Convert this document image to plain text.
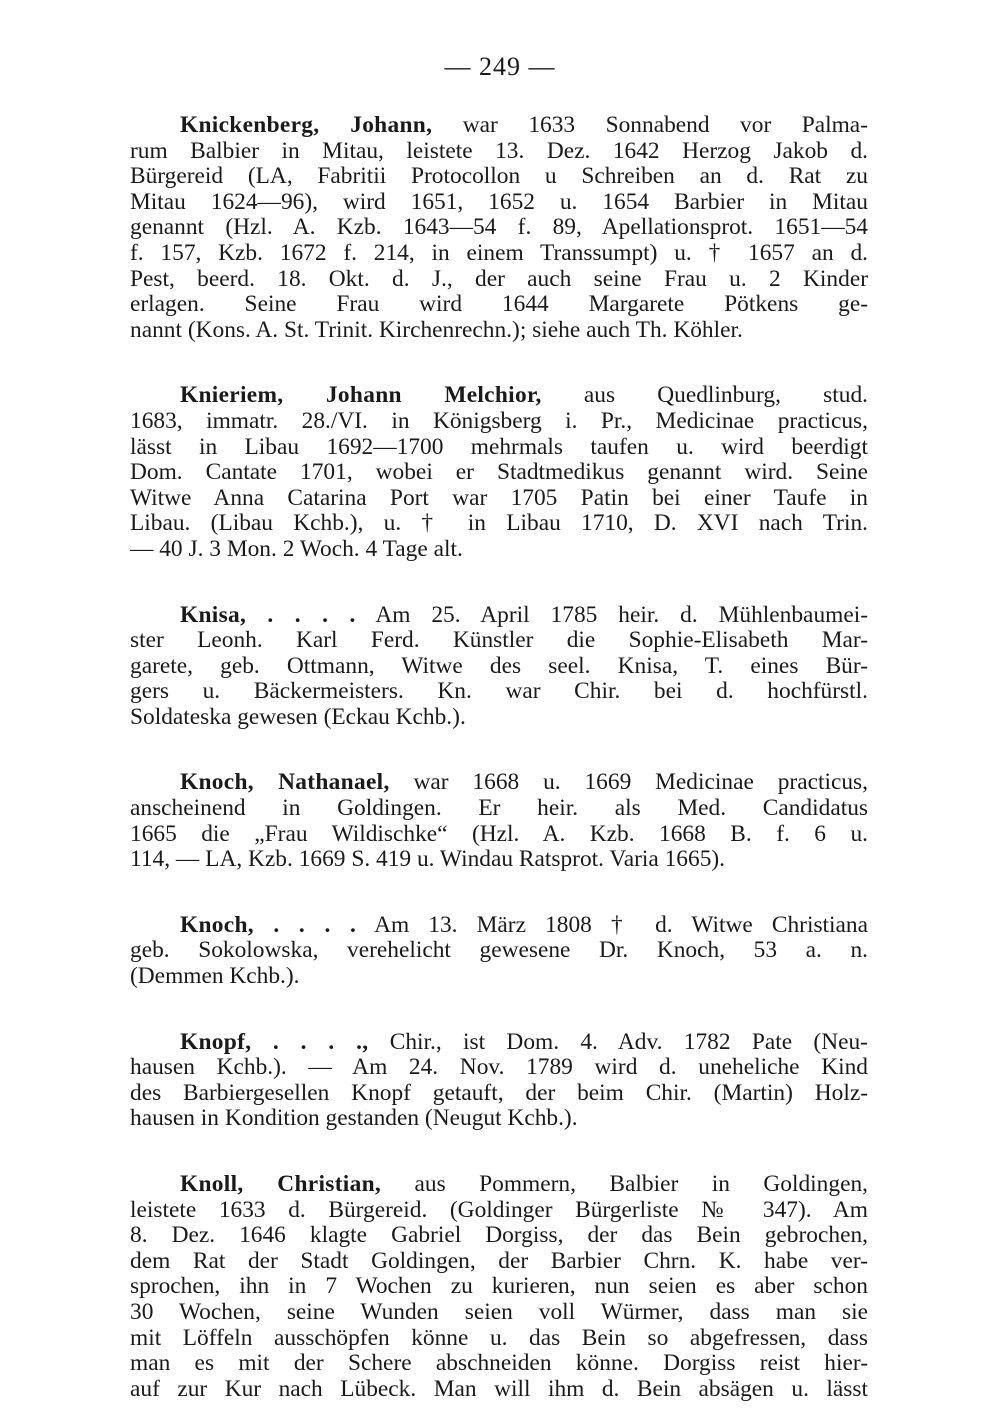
— 249 —
Knickenberg, Johann, war 1633 Sonnabend vor Palma-
rum Balbier in Mitau, leistete 13. Dez. 1642 Herzog Jakob d.
Bürgereid (LA, Fabritii Protocollon u Schreiben an d. Rat zu
Mitau 1624—96), wird 1651, 1652 u. 1654 Barbier in Mitau
genannt (Hzl. A. Kzb. 1643—54 f. 89, Apellationsprot. 1651—54
f. 157, Kzb. 1672 f. 214, in einem Transsumpt) u. † 1657 an d.
Pest, beerd. 18. Okt. d. J., der auch seine Frau u. 2 Kinder
erlagen. Seine Frau wird 1644 Margarete Pötkens ge-
nannt (Kons. A. St. Trinit. Kirchenrechn.); siehe auch Th. Köhler.
Knieriem, Johann Melchior, aus Quedlinburg, stud.
1683, immatr. 28./VI. in Königsberg i. Pr., Medicinae practicus,
lässt in Libau 1692—1700 mehrmals taufen u. wird beerdigt
Dom. Cantate 1701, wobei er Stadtmedikus genannt wird. Seine
Witwe Anna Catarina Port war 1705 Patin bei einer Taufe in
Libau. (Libau Kchb.), u. † in Libau 1710, D. XVI nach Trin.
— 40 J. 3 Mon. 2 Woch. 4 Tage alt.
Knisa, . . . . Am 25. April 1785 heir. d. Mühlenbaumei-
ster Leonh. Karl Ferd. Künstler die Sophie-Elisabeth Mar-
garete, geb. Ottmann, Witwe des seel. Knisa, T. eines Bür-
gers u. Bäckermeisters. Kn. war Chir. bei d. hochfürstl.
Soldateska gewesen (Eckau Kchb.).
Knoch, Nathanael, war 1668 u. 1669 Medicinae practicus,
anscheinend in Goldingen. Er heir. als Med. Candidatus
1665 die „Frau Wildischke“ (Hzl. A. Kzb. 1668 B. f. 6 u.
114, — LA, Kzb. 1669 S. 419 u. Windau Ratsprot. Varia 1665).
Knoch, . . . . Am 13. März 1808 † d. Witwe Christiana
geb. Sokolowska, verehelicht gewesene Dr. Knoch, 53 a. n.
(Demmen Kchb.).
Knopf, . . . ., Chir., ist Dom. 4. Adv. 1782 Pate (Neu-
hausen Kchb.). — Am 24. Nov. 1789 wird d. uneheliche Kind
des Barbiergesellen Knopf getauft, der beim Chir. (Martin) Holz-
hausen in Kondition gestanden (Neugut Kchb.).
Knoll, Christian, aus Pommern, Balbier in Goldingen,
leistete 1633 d. Bürgereid. (Goldinger Bürgerliste № 347). Am
8. Dez. 1646 klagte Gabriel Dorgiss, der das Bein gebrochen,
dem Rat der Stadt Goldingen, der Barbier Chrn. K. habe ver-
sprochen, ihn in 7 Wochen zu kurieren, nun seien es aber schon
30 Wochen, seine Wunden seien voll Würmer, dass man sie
mit Löffeln ausschöpfen könne u. das Bein so abgefressen, dass
man es mit der Schere abschneiden könne. Dorgiss reist hier-
auf zur Kur nach Lübeck. Man will ihm d. Bein absägen u. lässt
